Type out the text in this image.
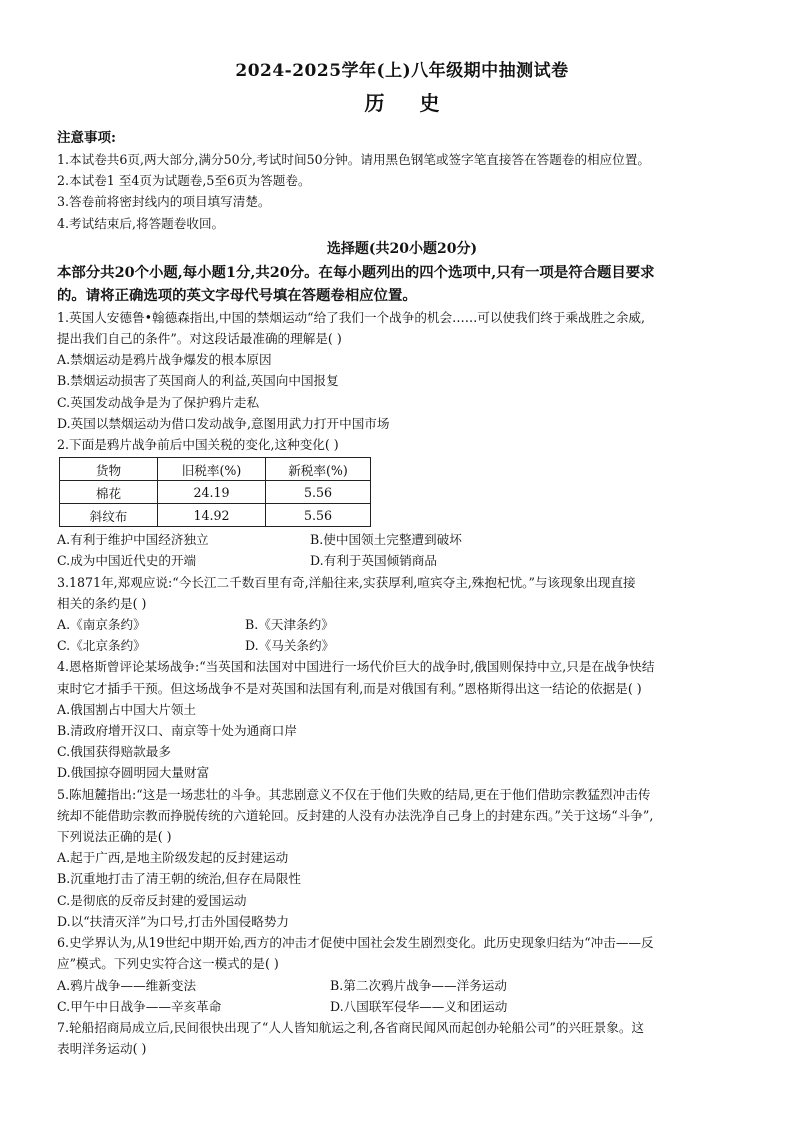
2024-2025学年(上)八年级期中抽测试卷
历 史
注意事项:
1.本试卷共6页,两大部分,满分50分,考试时间50分钟。请用黑色钢笔或签字笔直接答在答题卷的相应位置。
2.本试卷1 至4页为试题卷,5至6页为答题卷。
3.答卷前将密封线内的项目填写清楚。
4.考试结束后,将答题卷收回。
选择题(共20小题20分)
本部分共20个小题,每小题1分,共20分。在每小题列出的四个选项中,只有一项是符合题目要求
的。请将正确选项的英文字母代号填在答题卷相应位置。
1.英国人安德鲁•翰德森指出,中国的禁烟运动“给了我们一个战争的机会……可以使我们终于乘战胜之余威,
提出我们自己的条件”。对这段话最准确的理解是( )
A.禁烟运动是鸦片战争爆发的根本原因
B.禁烟运动损害了英国商人的利益,英国向中国报复
C.英国发动战争是为了保护鸦片走私
D.英国以禁烟运动为借口发动战争,意图用武力打开中国市场
2.下面是鸦片战争前后中国关税的变化,这种变化( )
货物	旧税率(%)	新税率(%)
棉花	24.19	5.56
斜纹布	14.92	5.56
A.有利于维护中国经济独立	B.使中国领土完整遭到破坏
C.成为中国近代史的开端	D.有利于英国倾销商品
3.1871年,郑观应说:“今长江二千数百里有奇,洋船往来,实获厚利,喧宾夺主,殊抱杞忧。”与该现象出现直接
相关的条约是( )
A.《南京条约》	B.《天津条约》
C.《北京条约》	D.《马关条约》
4.恩格斯曾评论某场战争:“当英国和法国对中国进行一场代价巨大的战争时,俄国则保持中立,只是在战争快结
束时它才插手干预。但这场战争不是对英国和法国有利,而是对俄国有利。”恩格斯得出这一结论的依据是( )
A.俄国割占中国大片领土
B.清政府增开汉口、南京等十处为通商口岸
C.俄国获得赔款最多
D.俄国掠夺圆明园大量财富
5.陈旭麓指出:“这是一场悲壮的斗争。其悲剧意义不仅在于他们失败的结局,更在于他们借助宗教猛烈冲击传
统却不能借助宗教而挣脱传统的六道轮回。反封建的人没有办法洗净自己身上的封建东西。”关于这场“斗争”,
下列说法正确的是( )
A.起于广西,是地主阶级发起的反封建运动
B.沉重地打击了清王朝的统治,但存在局限性
C.是彻底的反帝反封建的爱国运动
D.以“扶清灭洋”为口号,打击外国侵略势力
6.史学界认为,从19世纪中期开始,西方的冲击才促使中国社会发生剧烈变化。此历史现象归结为“冲击——反
应”模式。下列史实符合这一模式的是( )
A.鸦片战争——维新变法	B.第二次鸦片战争——洋务运动
C.甲午中日战争——辛亥革命	D.八国联军侵华——义和团运动
7.轮船招商局成立后,民间很快出现了“人人皆知航运之利,各省商民闻风而起创办轮船公司”的兴旺景象。这
表明洋务运动( )
